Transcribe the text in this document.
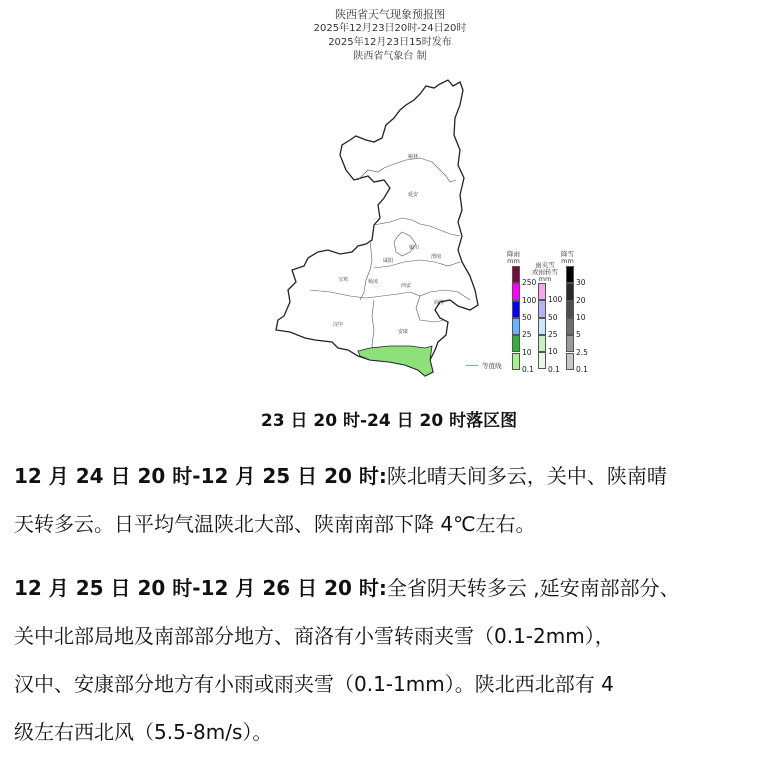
陕西省天气现象预报图
2025年12月23日20时-24日20时
2025年12月23日15时发布
陕西省气象台 制
榆林
延安
铜川
渭南
咸阳
宝鸡	杨凌
西安
商洛
汉中
安康
降雨
mm
250
100
50
25
10
0.1
雨夹雪
或雨转雪
mm
100
50
25
10
0.1
降雪
mm
30
20
10
5
2.5
0.1
等值线
23 日 20 时-24 日 20 时落区图
12 月 24 日 20 时-12 月 25 日 20 时:陕北晴天间多云，关中、陕南晴
天转多云。日平均气温陕北大部、陕南南部下降 4℃左右。
12 月 25 日 20 时-12 月 26 日 20 时:全省阴天转多云 ,延安南部部分、
关中北部局地及南部部分地方、商洛有小雪转雨夹雪（0.1-2mm），
汉中、安康部分地方有小雨或雨夹雪（0.1-1mm）。陕北西北部有 4
级左右西北风（5.5-8m/s）。
